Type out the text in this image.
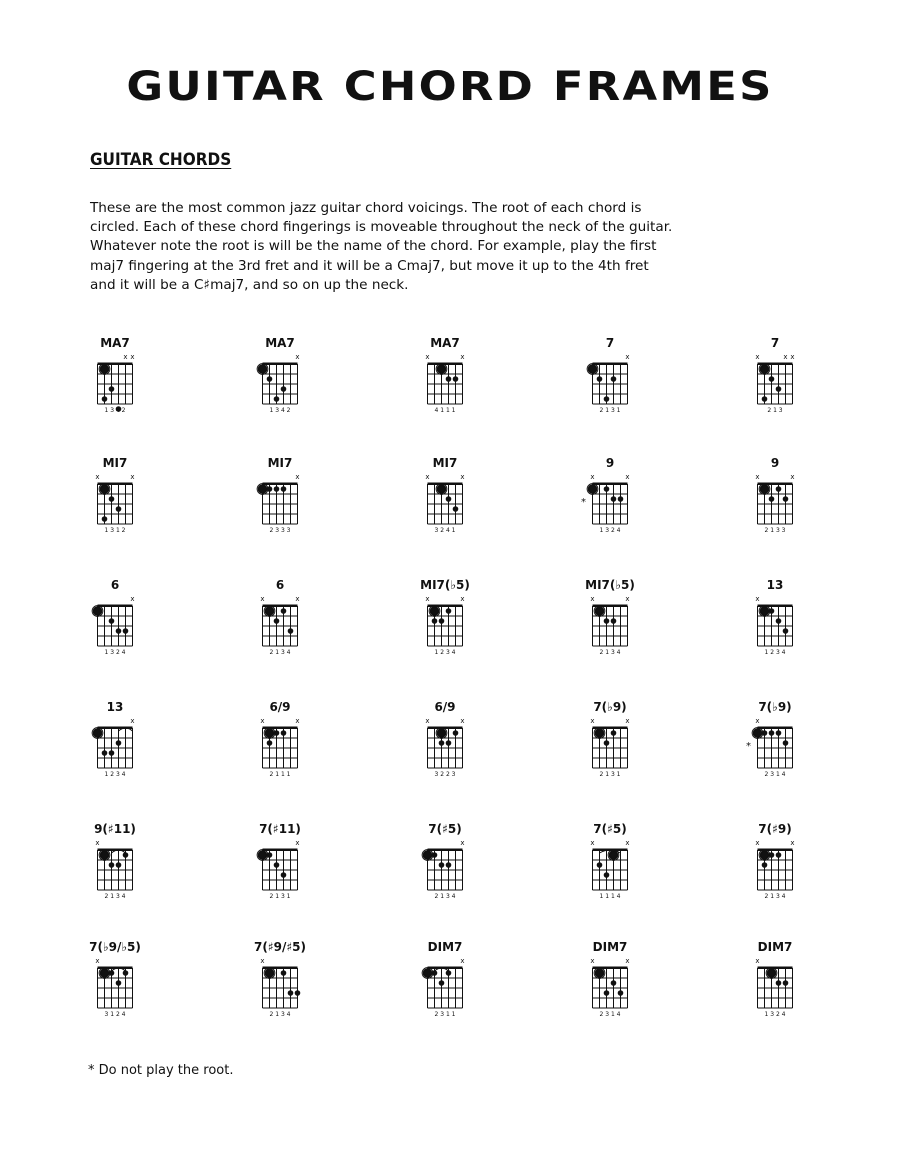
GUITAR CHORD FRAMES
GUITAR CHORDS

These are the most common jazz guitar chord voicings. The root of each chord is
circled. Each of these chord fingerings is moveable throughout the neck of the guitar.
Whatever note the root is will be the name of the chord. For example, play the first
maj7 fingering at the 3rd fret and it will be a Cmaj7, but move it up to the 4th fret
and it will be a C♯maj7, and so on up the neck.

MA7
x x
1 3 4 2
MA7
x
1 3 4 2
MA7
x	x
4 1 1 1
7
x
2 1 3 1
7
x	x x
2 1 3
MI7
x	x
1 3 1 2
MI7
x
2 3 3 3
MI7
x	x
3 2 4 1
9
x	x
*
1 3 2 4
9
x	x
2 1 3 3
6
x
1 3 2 4
6
x	x
2 1 3 4
MI7(♭5)
x	x
1 2 3 4
MI7(♭5)
x	x
2 1 3 4
13
x
1 2 3 4
13
x
1 2 3 4
6/9
x	x
2 1 1 1
6/9
x	x
3 2 2 3
7(♭9)
x	x
2 1 3 1
7(♭9)
x
*
2 3 1 4
9(♯11)
x
2 1 3 4
7(♯11)
x
2 1 3 1
7(♯5)
x
2 1 3 4
7(♯5)
x	x
1 1 1 4
7(♯9)
x	x
2 1 3 4
7(♭9/♭5)
x
3 1 2 4
7(♯9/♯5)
x
2 1 3 4
DIM7
x
2 3 1 1
DIM7
x	x
2 3 1 4
DIM7
x
1 3 2 4
* Do not play the root.
